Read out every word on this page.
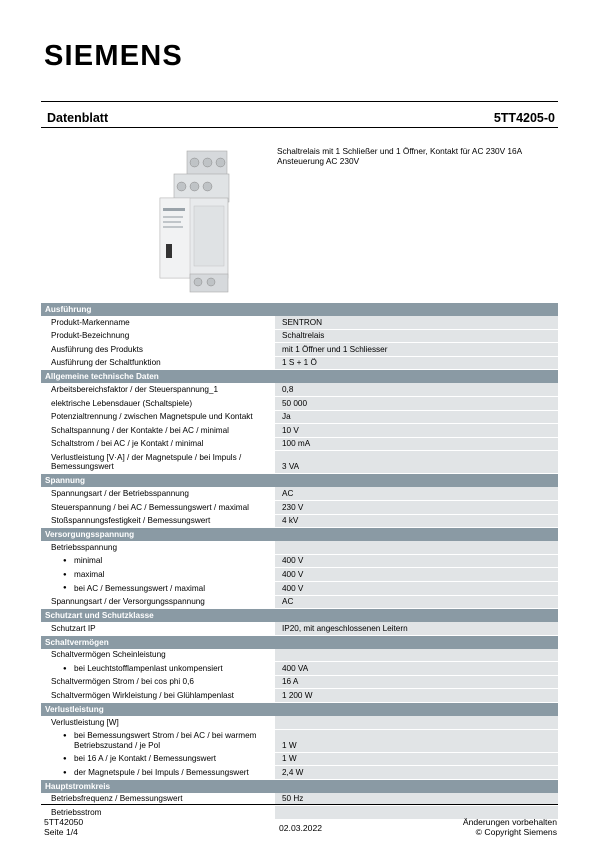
SIEMENS
Datenblatt	5TT4205-0
Schaltrelais mit 1 Schließer und 1 Öffner, Kontakt für AC 230V 16A
Ansteuerung AC 230V
Ausführung
Produkt-Markenname	SENTRON
Produkt-Bezeichnung	Schaltrelais
Ausführung des Produkts	mit 1 Öffner und 1 Schliesser
Ausführung der Schaltfunktion	1 S + 1 Ö
Allgemeine technische Daten
Arbeitsbereichsfaktor / der Steuerspannung_1	0,8
elektrische Lebensdauer (Schaltspiele)	50 000
Potenzialtrennung / zwischen Magnetspule und Kontakt	Ja
Schaltspannung / der Kontakte / bei AC / minimal	10 V
Schaltstrom / bei AC / je Kontakt / minimal	100 mA
Verlustleistung [V·A] / der Magnetspule / bei Impuls / Bemessungswert	3 VA
Spannung
Spannungsart / der Betriebsspannung	AC
Steuerspannung / bei AC / Bemessungswert / maximal	230 V
Stoßspannungsfestigkeit / Bemessungswert	4 kV
Versorgungsspannung
Betriebsspannung
● minimal	400 V
● maximal	400 V
● bei AC / Bemessungswert / maximal	400 V
Spannungsart / der Versorgungsspannung	AC
Schutzart und Schutzklasse
Schutzart IP	IP20, mit angeschlossenen Leitern
Schaltvermögen
Schaltvermögen Scheinleistung
● bei Leuchtstofflampenlast unkompensiert	400 VA
Schaltvermögen Strom / bei cos phi 0,6	16 A
Schaltvermögen Wirkleistung / bei Glühlampenlast	1 200 W
Verlustleistung
Verlustleistung [W]
● bei Bemessungswert Strom / bei AC / bei warmem Betriebszustand / je Pol	1 W
● bei 16 A / je Kontakt / Bemessungswert	1 W
● der Magnetspule / bei Impuls / Bemessungswert	2,4 W
Hauptstromkreis
Betriebsfrequenz / Bemessungswert	50 Hz
Betriebsstrom
5TT42050
Seite 1/4	02.03.2022
Änderungen vorbehalten
© Copyright Siemens
